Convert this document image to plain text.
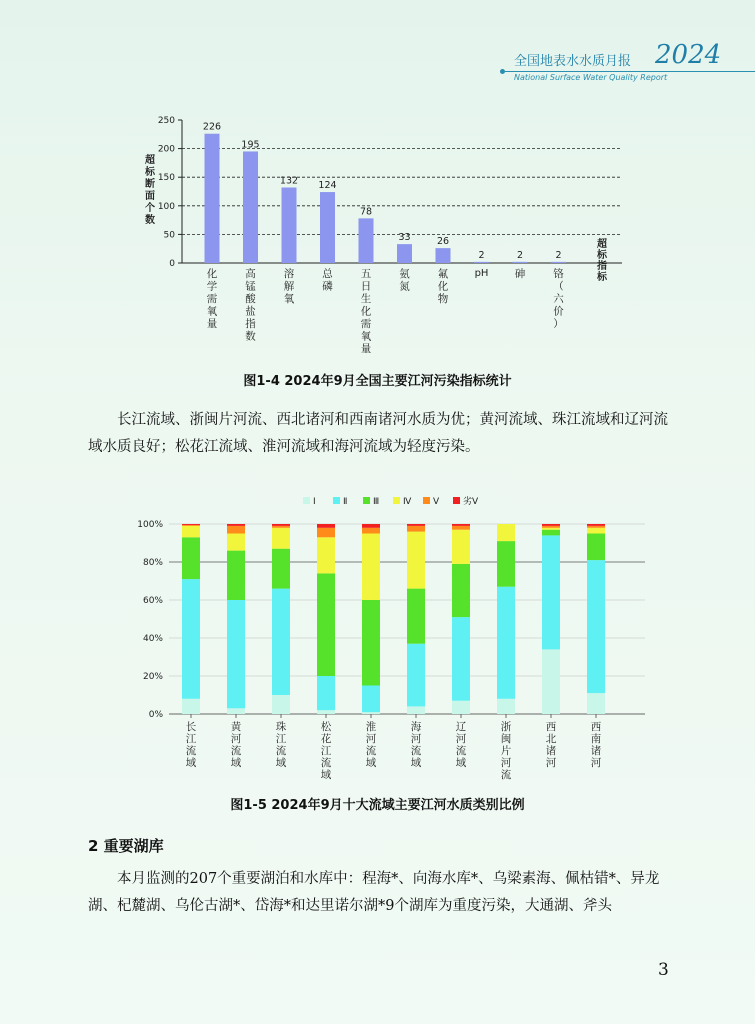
全国地表水水质月报 2024
National Surface Water Quality Report
0
50
100
150
200
250
超
标
断
面
个
数
超
标
指
标
226
化
学
需
氧
量
195
高
锰
酸
盐
指
数
132
溶
解
氧
124
总
磷
78
五
日
生
化
需
氧
量
33
氨
氮
26
氟
化
物
2
pH
2
砷
2
铬
（
六
价
）
图1-4 2024年9月全国主要江河污染指标统计
长江流域、浙闽片河流、西北诸河和西南诸河水质为优；黄河流域、珠江流域和辽河流域水质良好；松花江流域、淮河流域和海河流域为轻度污染。
Ⅰ	Ⅱ	Ⅲ	Ⅳ Ⅴ	劣Ⅴ
0%
20%
40%
60%
80%
100%
长
江
流
域
黄
河
流
域
珠
江
流
域
松
花
江
流
域
淮
河
流
域
海
河
流
域
辽
河
流
域
浙
闽
片
河
流
西
北
诸
河
西
南
诸
河
图1-5 2024年9月十大流域主要江河水质类别比例
2 重要湖库
本月监测的207个重要湖泊和水库中：程海*、向海水库*、乌梁素海、佩枯错*、异龙湖、杞麓湖、乌伦古湖*、岱海*和达里诺尔湖*9个湖库为重度污染，大通湖、斧头
3
